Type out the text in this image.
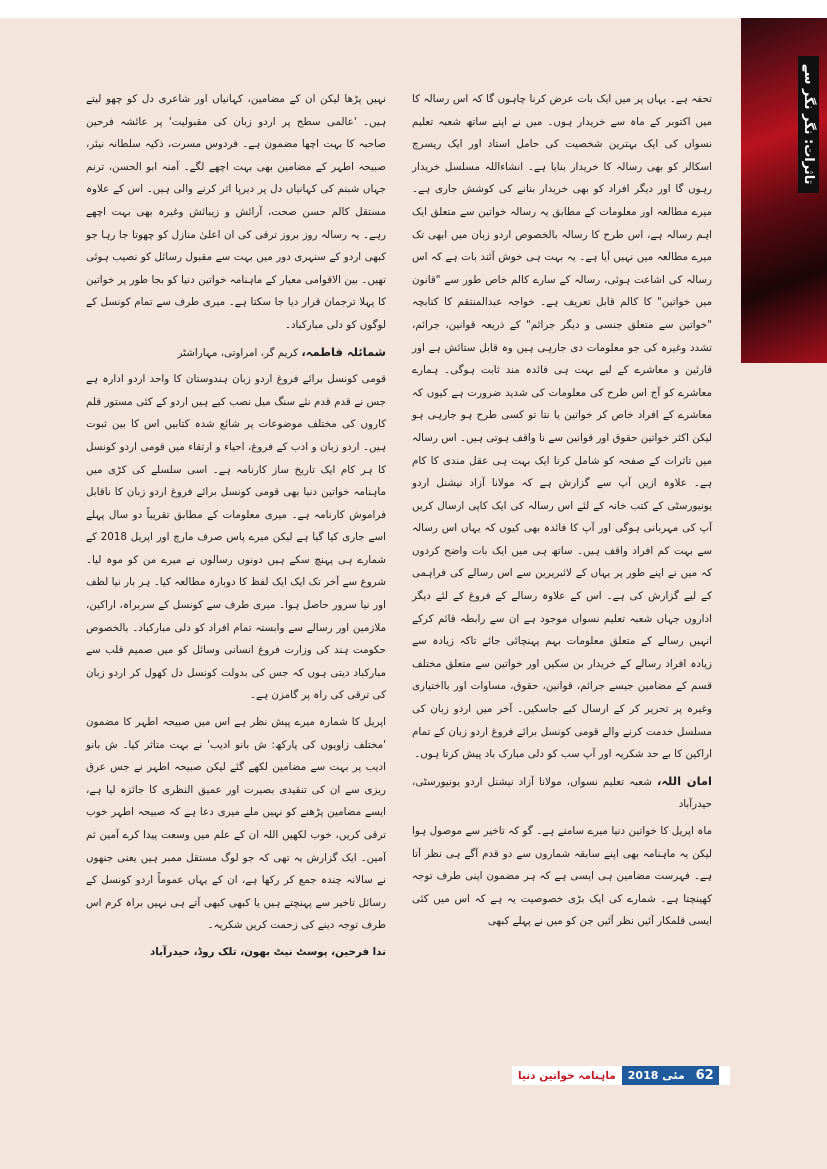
تاثرات: نگر نگر سے

تحفہ ہے۔ یہاں پر میں ایک بات عرض کرنا چاہوں گا کہ اس رسالہ کا میں اکتوبر کے ماہ سے خریدار ہوں۔ میں نے اپنے ساتھ شعبہ تعلیم نسواں کی ایک بہترین شخصیت کی حامل استاد اور ایک ریسرچ اسکالر کو بھی رسالہ کا خریدار بنایا ہے۔ انشاءاللہ مسلسل خریدار رہوں گا اور دیگر افراد کو بھی خریدار بنانے کی کوشش جاری ہے۔ میرے مطالعہ اور معلومات کے مطابق یہ رسالہ خواتین سے متعلق ایک اہم رسالہ ہے، اس طرح کا رسالہ بالخصوص اردو زبان میں ابھی تک میرے مطالعہ میں نہیں آیا ہے۔ یہ بہت ہی خوش آئند بات ہے کہ اس رسالہ کی اشاعت ہوئی، رسالہ کے سارے کالم خاص طور سے "قانون میں خواتین" کا کالم قابل تعریف ہے۔ خواجہ عبدالمنتقم کا کتابچہ "خواتین سے متعلق جنسی و دیگر جرائم" کے ذریعہ قوانین، جرائم، تشدد وغیرہ کی جو معلومات دی جارہی ہیں وہ قابل ستائش ہے اور قارئین و معاشرے کے لیے بہت ہی فائدہ مند ثابت ہوگی۔ ہمارے معاشرے کو آج اس طرح کی معلومات کی شدید ضرورت ہے کیوں کہ معاشرے کے افراد خاص کر خواتین یا نتا تو کسی طرح ہو جارہی ہو لیکن اکثر خواتین حقوق اور قوانین سے نا واقف ہوتی ہیں۔ اس رسالہ میں تاثرات کے صفحہ کو شامل کرنا ایک بہت ہی عقل مندی کا کام ہے۔ علاوہ ازیں آپ سے گزارش ہے کہ مولانا آزاد نیشنل اردو یونیورسٹی کے کتب خانہ کے لئے اس رسالہ کی ایک کاپی ارسال کریں آپ کی مہربانی ہوگی اور آپ کا فائدہ بھی کیوں کہ یہاں اس رسالہ سے بہت کم افراد واقف ہیں۔ ساتھ ہی میں ایک بات واضح کردوں کہ میں نے اپنے طور پر یہاں کے لائبریرین سے اس رسالے کی فراہمی کے لیے گزارش کی ہے۔ اس کے علاوہ رسالے کے فروغ کے لئے دیگر اداروں جہاں شعبہ تعلیم نسواں موجود ہے ان سے رابطہ قائم کرکے انہیں رسالے کے متعلق معلومات بہم پہنچائی جائے تاکہ زیادہ سے زیادہ افراد رسالے کے خریدار بن سکیں اور خواتین سے متعلق مختلف قسم کے مضامین جیسے جرائم، قوانین، حقوق، مساوات اور بااختیاری وغیرہ پر تحریر کر کے ارسال کیے جاسکیں۔ آخر میں اردو زبان کی مسلسل خدمت کرنے والے قومی کونسل برائے فروغ اردو زبان کے تمام اراکین کا بے حد شکریہ اور آپ سب کو دلی مبارک باد پیش کرتا ہوں۔

امان اللہ، شعبہ تعلیم نسواں، مولانا آزاد نیشنل اردو یونیورسٹی، حیدرآباد

ماہ اپریل کا خواتین دنیا میرے سامنے ہے۔ گو کہ تاخیر سے موصول ہوا لیکن یہ ماہنامہ بھی اپنے سابقہ شماروں سے دو قدم آگے ہی نظر آتا ہے۔ فہرست مضامین ہی ایسی ہے کہ ہر مضمون اپنی طرف توجہ کھینچتا ہے۔ شمارے کی ایک بڑی خصوصیت یہ ہے کہ اس میں کئی ایسی قلمکار آئیں نظر آئیں جن کو میں نے پہلے کبھی

نہیں پڑھا لیکن ان کے مضامین، کہانیاں اور شاعری دل کو چھو لیتے ہیں۔ 'عالمی سطح پر اردو زبان کی مقبولیت' پر عائشہ فرحین صاحبہ کا بہت اچھا مضمون ہے۔ فردوس مسرت، ذکیہ سلطانہ نیئر، صبیحہ اطہر کے مضامین بھی بہت اچھے لگے۔ آمنہ ابو الحسن، ترنم جہاں شبنم کی کہانیاں دل پر دیرپا اثر کرنے والی ہیں۔ اس کے علاوہ مستقل کالم حسن صحت، آرائش و زیبائش وغیرہ بھی بہت اچھے رہے۔ یہ رسالہ روز بروز ترقی کی ان اعلیٰ منازل کو چھوتا جا رہا جو کبھی اردو کے سنہری دور میں بہت سے مقبول رسائل کو نصیب ہوئی تھیں۔ بین الاقوامی معیار کے ماہنامہ خواتین دنیا کو بجا طور پر خواتین کا پہلا ترجمان قرار دیا جا سکتا ہے۔ میری طرف سے تمام کونسل کے لوگوں کو دلی مبارکباد۔

شمائلہ فاطمہ، کریم گر، امراوتی، مہاراشٹر

قومی کونسل برائے فروغ اردو زبان ہندوستان کا واحد اردو ادارہ ہے جس نے قدم قدم نئے سنگ میل نصب کیے ہیں اردو کے کئی مستور قلم کاروں کی مختلف موضوعات پر شائع شدہ کتابیں اس کا بین ثبوت ہیں۔ اردو زبان و ادب کے فروغ، احیاء و ارتقاء میں قومی اردو کونسل کا ہر کام ایک تاریخ ساز کارنامہ ہے۔ اسی سلسلے کی کڑی میں ماہنامہ خواتین دنیا بھی قومی کونسل برائے فروغ اردو زبان کا ناقابل فراموش کارنامہ ہے۔ میری معلومات کے مطابق تقریباً دو سال پہلے اسے جاری کیا گیا ہے لیکن میرے پاس صرف مارچ اور اپریل 2018 کے شمارے ہی پہنچ سکے ہیں دونوں رسالوں نے میرے من کو موہ لیا۔ شروع سے آخر تک ایک ایک لفظ کا دوبارہ مطالعہ کیا۔ ہر بار نیا لطف اور نیا سرور حاصل ہوا۔ میری طرف سے کونسل کے سربراہ، اراکین، ملازمین اور رسالے سے وابستہ تمام افراد کو دلی مبارکباد۔ بالخصوص حکومت ہند کی وزارت فروغ انسانی وسائل کو میں صمیم قلب سے مبارکباد دیتی ہوں کہ جس کی بدولت کونسل دل کھول کر اردو زبان کی ترقی کی راہ پر گامزن ہے۔

اپریل کا شمارہ میرے پیش نظر ہے اس میں صبیحہ اطہر کا مضمون 'مختلف زاویوں کی پارکھ: ش بانو ادیب' نے بہت متاثر کیا۔ ش بانو ادیب پر بہت سے مضامین لکھے گئے لیکن صبیحہ اطہر نے جس عرق ریزی سے ان کی تنقیدی بصیرت اور عمیق النظری کا جائزہ لیا ہے، ایسے مضامین پڑھنے کو نہیں ملے میری دعا ہے کہ صبیحہ اطہر خوب ترقی کریں، خوب لکھیں اللہ ان کے علم میں وسعت پیدا کرے آمین ثم آمین۔ ایک گزارش یہ تھی کہ جو لوگ مستقل ممبر ہیں یعنی جنھوں نے سالانہ چندہ جمع کر رکھا ہے، ان کے یہاں عموماً اردو کونسل کے رسائل تاخیر سے پہنچتے ہیں یا کبھی کبھی آتے ہی نہیں براہ کرم اس طرف توجہ دینے کی زحمت کریں شکریہ۔

ندا فرحین، پوسٹ نیٹ بھون، تلک روڈ، حیدرآباد

62
مئی 2018
ماہنامہ خواتین دنیا
